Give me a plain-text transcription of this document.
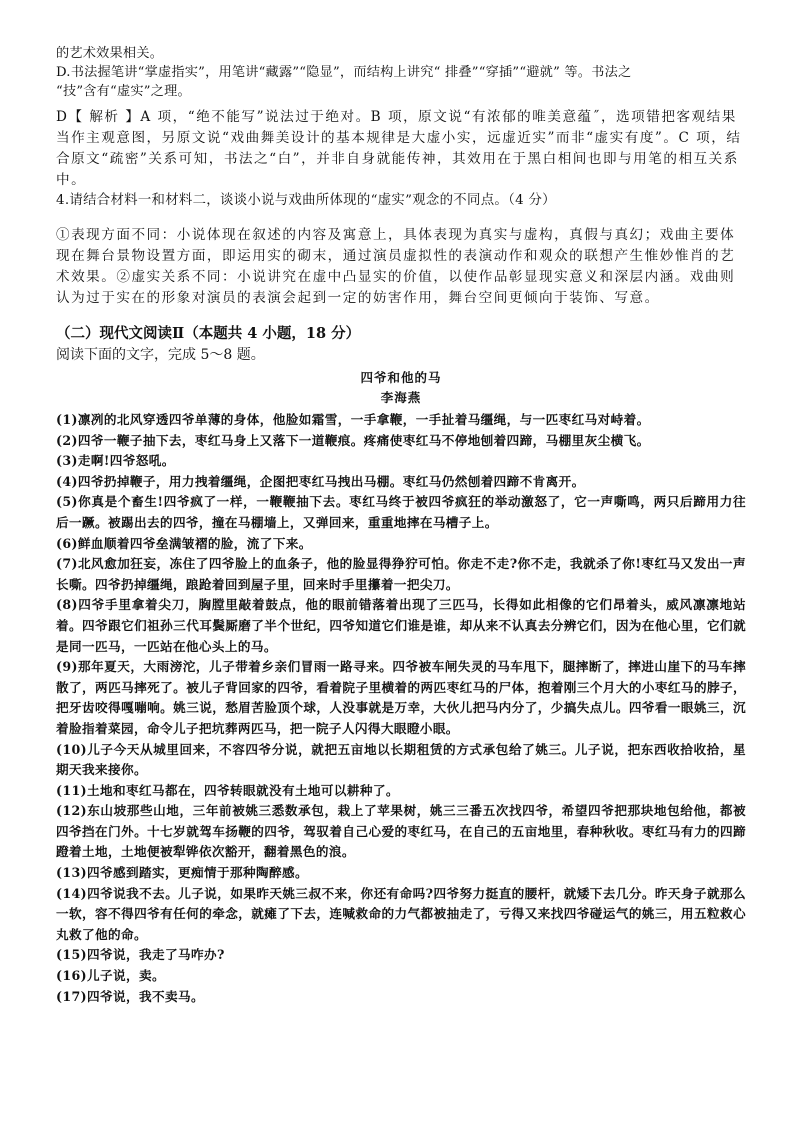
的艺术效果相关。

D.书法握笔讲“掌虚指实”，用笔讲“藏露”“隐显”，而结构上讲究“ 排叠”“穿插”“避就” 等。书法之

“技”含有“虚实”之理。

D【 解析 】A 项，“绝不能写”说法过于绝对。B 项，原文说“有浓郁的唯美意蕴˝，选项错把客观结果当作主观意图，另原文说“戏曲舞美设计的基本规律是大虚小实，远虚近实”而非“虚实有度”。C 项，结合原文“疏密”关系可知，书法之“白”，并非自身就能传神，其效用在于黑白相间也即与用笔的相互关系中。

4.请结合材料一和材料二，谈谈小说与戏曲所体现的“虚实”观念的不同点。（4 分）

①表现方面不同：小说体现在叙述的内容及寓意上，具体表现为真实与虚构，真假与真幻；戏曲主要体现在舞台景物设置方面，即运用实的砌末，通过演员虚拟性的表演动作和观众的联想产生惟妙惟肖的艺术效果。②虚实关系不同：小说讲究在虚中凸显实的价值，以使作品彰显现实意义和深层内涵。戏曲则认为过于实在的形象对演员的表演会起到一定的妨害作用，舞台空间更倾向于装饰、写意。

（二）现代文阅读Ⅱ（本题共 4 小题，18 分）

阅读下面的文字，完成 5～8 题。

四爷和他的马

李海燕

(1)凛冽的北风穿透四爷单薄的身体，他脸如霜雪，一手拿鞭，一手扯着马缰绳，与一匹枣红马对峙着。

(2)四爷一鞭子抽下去，枣红马身上又落下一道鞭痕。疼痛使枣红马不停地刨着四蹄，马棚里灰尘横飞。

(3)走啊!四爷怒吼。

(4)四爷扔掉鞭子，用力拽着缰绳，企图把枣红马拽出马棚。枣红马仍然刨着四蹄不肯离开。

(5)你真是个畜生!四爷疯了一样，一鞭鞭抽下去。枣红马终于被四爷疯狂的举动激怒了，它一声嘶鸣，两只后蹄用力往后一蹶。被踢出去的四爷，撞在马棚墙上，又弹回来，重重地摔在马槽子上。

(6)鲜血顺着四爷垒满皱褶的脸，流了下来。

(7)北风愈加狂妄，冻住了四爷脸上的血条子，他的脸显得狰狞可怕。你走不走?你不走，我就杀了你!枣红马又发出一声长嘶。四爷扔掉缰绳，踉跄着回到屋子里，回来时手里攥着一把尖刀。

(8)四爷手里拿着尖刀，胸膛里敲着鼓点，他的眼前错落着出现了三匹马，长得如此相像的它们昂着头，威风凛凛地站着。四爷跟它们祖孙三代耳鬓厮磨了半个世纪，四爷知道它们谁是谁，却从来不认真去分辨它们，因为在他心里，它们就是同一匹马，一匹站在他心头上的马。

(9)那年夏天，大雨滂沱，儿子带着乡亲们冒雨一路寻来。四爷被车闸失灵的马车甩下，腿摔断了，摔进山崖下的马车摔散了，两匹马摔死了。被儿子背回家的四爷，看着院子里横着的两匹枣红马的尸体，抱着刚三个月大的小枣红马的脖子，把牙齿咬得嘎嘣响。姚三说，愁眉苦脸顶个球，人没事就是万幸，大伙儿把马内分了，少搞失点儿。四爷看一眼姚三，沉着脸指着菜园，命令儿子把坑葬两匹马，把一院子人闪得大眼瞪小眼。

(10)儿子今天从城里回来，不容四爷分说，就把五亩地以长期租赁的方式承包给了姚三。儿子说，把东西收拾收拾，星期天我来接你。

(11)土地和枣红马都在，四爷转眼就没有土地可以耕种了。

(12)东山坡那些山地，三年前被姚三悉数承包，栽上了苹果树，姚三三番五次找四爷，希望四爷把那块地包给他，都被四爷挡在门外。十七岁就驾车扬鞭的四爷，驾驭着自己心爱的枣红马，在自己的五亩地里，春种秋收。枣红马有力的四蹄蹬着土地，土地便被犁铧依次豁开，翻着黑色的浪。

(13)四爷感到踏实，更痴情于那种陶醉感。

(14)四爷说我不去。儿子说，如果昨天姚三叔不来，你还有命吗?四爷努力挺直的腰杆，就矮下去几分。昨天身子就那么一软，容不得四爷有任何的牵念，就瘫了下去，连喊救命的力气都被抽走了，亏得又来找四爷碰运气的姚三，用五粒救心丸救了他的命。

(15)四爷说，我走了马咋办?

(16)儿子说，卖。

(17)四爷说，我不卖马。
